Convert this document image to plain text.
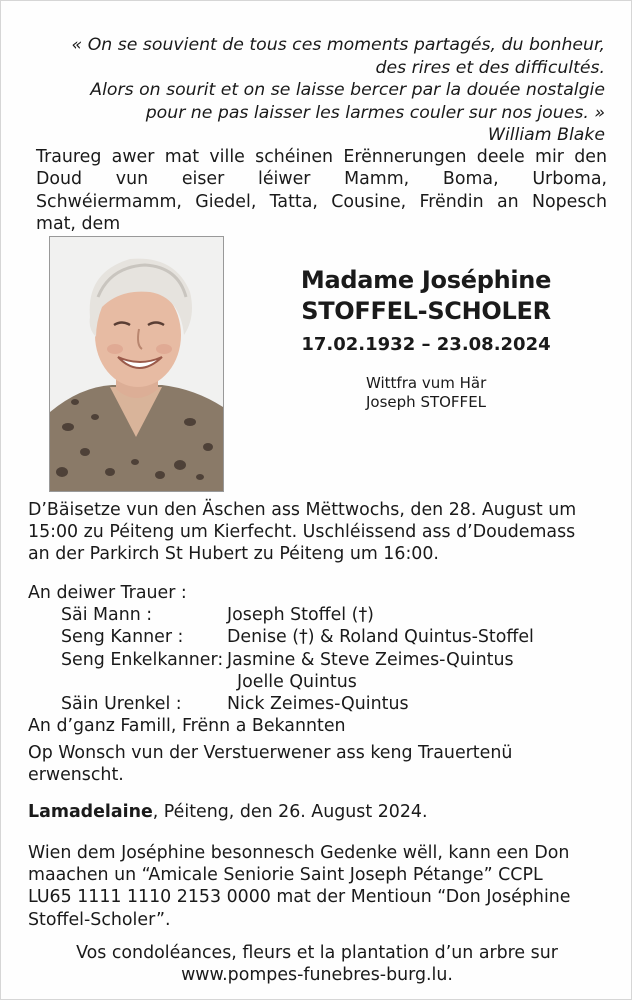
« On se souvient de tous ces moments partagés, du bonheur,
des rires et des difficultés.
Alors on sourit et on se laisse bercer par la douée nostalgie
pour ne pas laisser les larmes couler sur nos joues. »
William Blake
Traureg awer mat ville schéinen Erënnerungen deele mir den
Doud vun eiser léiwer Mamm, Boma, Urboma,
Schwéiermamm, Giedel, Tatta, Cousine, Frëndin an Nopesch
mat, dem
Madame Joséphine
STOFFEL-SCHOLER
17.02.1932 – 23.08.2024
Wittfra vum Här
Joseph STOFFEL
D’Bäisetze vun den Äschen ass Mëttwochs, den 28. August um
15:00 zu Péiteng um Kierfecht. Uschléissend ass d’Doudemass
an der Parkirch St Hubert zu Péiteng um 16:00.
An deiwer Trauer :
Säi Mann :	Joseph Stoffel (†)
Seng Kanner :	Denise (†) & Roland Quintus-Stoffel
Seng Enkelkanner: Jasmine & Steve Zeimes-Quintus
Joelle Quintus
Säin Urenkel :	Nick Zeimes-Quintus
An d’ganz Famill, Frënn a Bekannten
Op Wonsch vun der Verstuerwener ass keng Trauertenü
erwenscht.
Lamadelaine, Péiteng, den 26. August 2024.
Wien dem Joséphine besonnesch Gedenke wëll, kann een Don
maachen un “Amicale Seniorie Saint Joseph Pétange” CCPL
LU65 1111 1110 2153 0000 mat der Mentioun “Don Joséphine
Stoffel-Scholer”.
Vos condoléances, fleurs et la plantation d’un arbre sur
www.pompes-funebres-burg.lu.
